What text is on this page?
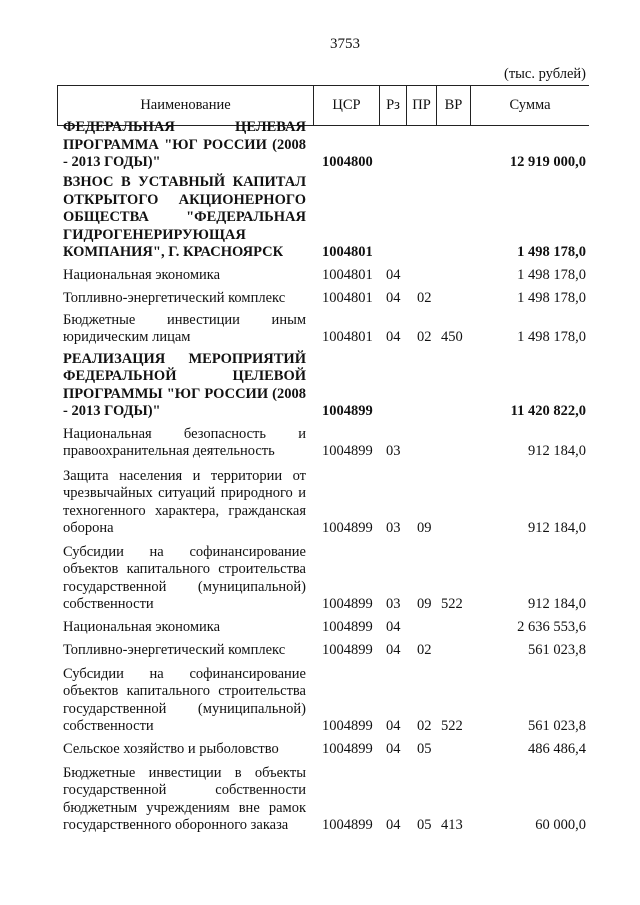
3753
(тыс. рублей)
Наименование	ЦСР	Рз ПР ВР	Сумма
ФЕДЕРАЛЬНАЯ ЦЕЛЕВАЯ ПРОГРАММА "ЮГ РОССИИ (2008 - 2013 ГОДЫ)"	1004800	12 919 000,0
ВЗНОС В УСТАВНЫЙ КАПИТАЛ ОТКРЫТОГО АКЦИОНЕРНОГО ОБЩЕСТВА "ФЕДЕРАЛЬНАЯ ГИДРОГЕНЕРИРУЮЩАЯ КОМПАНИЯ", Г. КРАСНОЯРСК	1004801	1 498 178,0
Национальная экономика	1004801 04	1 498 178,0
Топливно-энергетический комплекс	1004801 04 02	1 498 178,0
Бюджетные инвестиции иным юридическим лицам	1004801 04 02 450	1 498 178,0
РЕАЛИЗАЦИЯ МЕРОПРИЯТИЙ ФЕДЕРАЛЬНОЙ ЦЕЛЕВОЙ ПРОГРАММЫ "ЮГ РОССИИ (2008 - 2013 ГОДЫ)"	1004899	11 420 822,0
Национальная безопасность и правоохранительная деятельность	1004899 03	912 184,0
Защита населения и территории от чрезвычайных ситуаций природного и техногенного характера, гражданская оборона	1004899 03 09	912 184,0
Субсидии на софинансирование объектов капитального строительства государственной (муниципальной) собственности	1004899 03 09 522	912 184,0
Национальная экономика	1004899 04	2 636 553,6
Топливно-энергетический комплекс	1004899 04 02	561 023,8
Субсидии на софинансирование объектов капитального строительства государственной (муниципальной) собственности	1004899 04 02 522	561 023,8
Сельское хозяйство и рыболовство	1004899 04 05	486 486,4
Бюджетные инвестиции в объекты государственной собственности бюджетным учреждениям вне рамок государственного оборонного заказа	1004899 04 05 413	60 000,0
